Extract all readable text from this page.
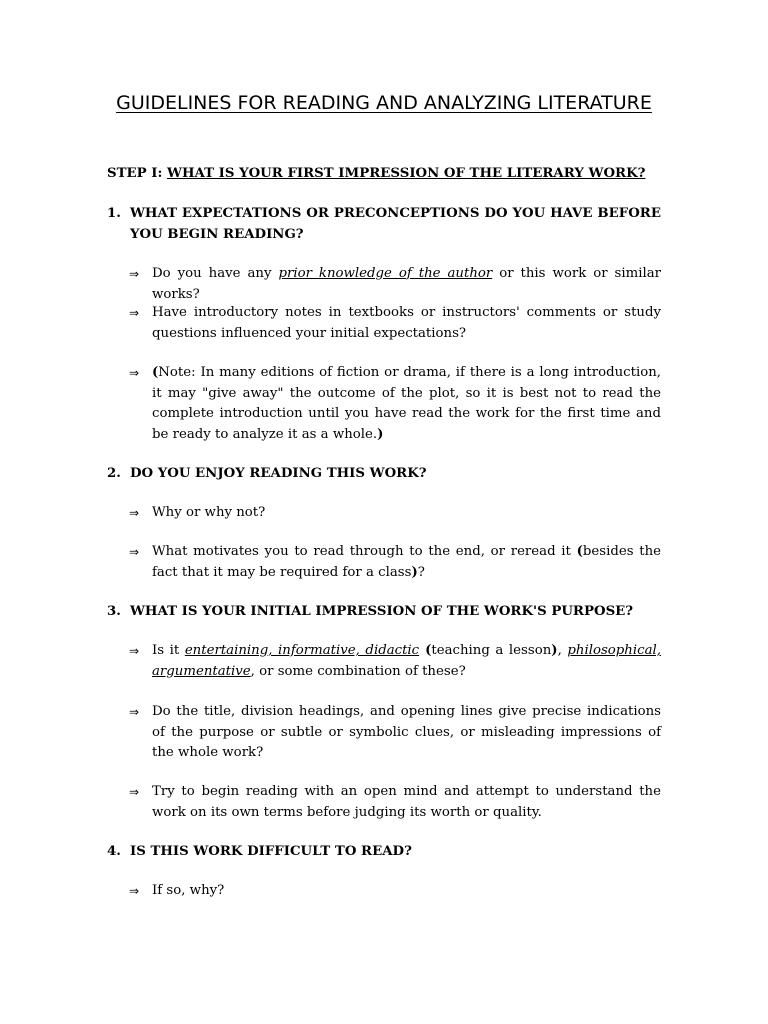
GUIDELINES FOR READING AND ANALYZING LITERATURE
STEP I: WHAT IS YOUR FIRST IMPRESSION OF THE LITERARY WORK?
1. WHAT EXPECTATIONS OR PRECONCEPTIONS DO YOU HAVE BEFORE YOU BEGIN READING?
⇒ Do you have any prior knowledge of the author or this work or similar works?
⇒ Have introductory notes in textbooks or instructors' comments or study questions influenced your initial expectations?
⇒ (Note: In many editions of fiction or drama, if there is a long introduction, it may "give away" the outcome of the plot, so it is best not to read the complete introduction until you have read the work for the first time and be ready to analyze it as a whole.)
2. DO YOU ENJOY READING THIS WORK?
⇒ Why or why not?
⇒ What motivates you to read through to the end, or reread it (besides the fact that it may be required for a class)?
3. WHAT IS YOUR INITIAL IMPRESSION OF THE WORK'S PURPOSE?
⇒ Is it entertaining, informative, didactic (teaching a lesson), philosophical, argumentative, or some combination of these?
⇒ Do the title, division headings, and opening lines give precise indications of the purpose or subtle or symbolic clues, or misleading impressions of the whole work?
⇒ Try to begin reading with an open mind and attempt to understand the work on its own terms before judging its worth or quality.
4. IS THIS WORK DIFFICULT TO READ?
⇒ If so, why?
